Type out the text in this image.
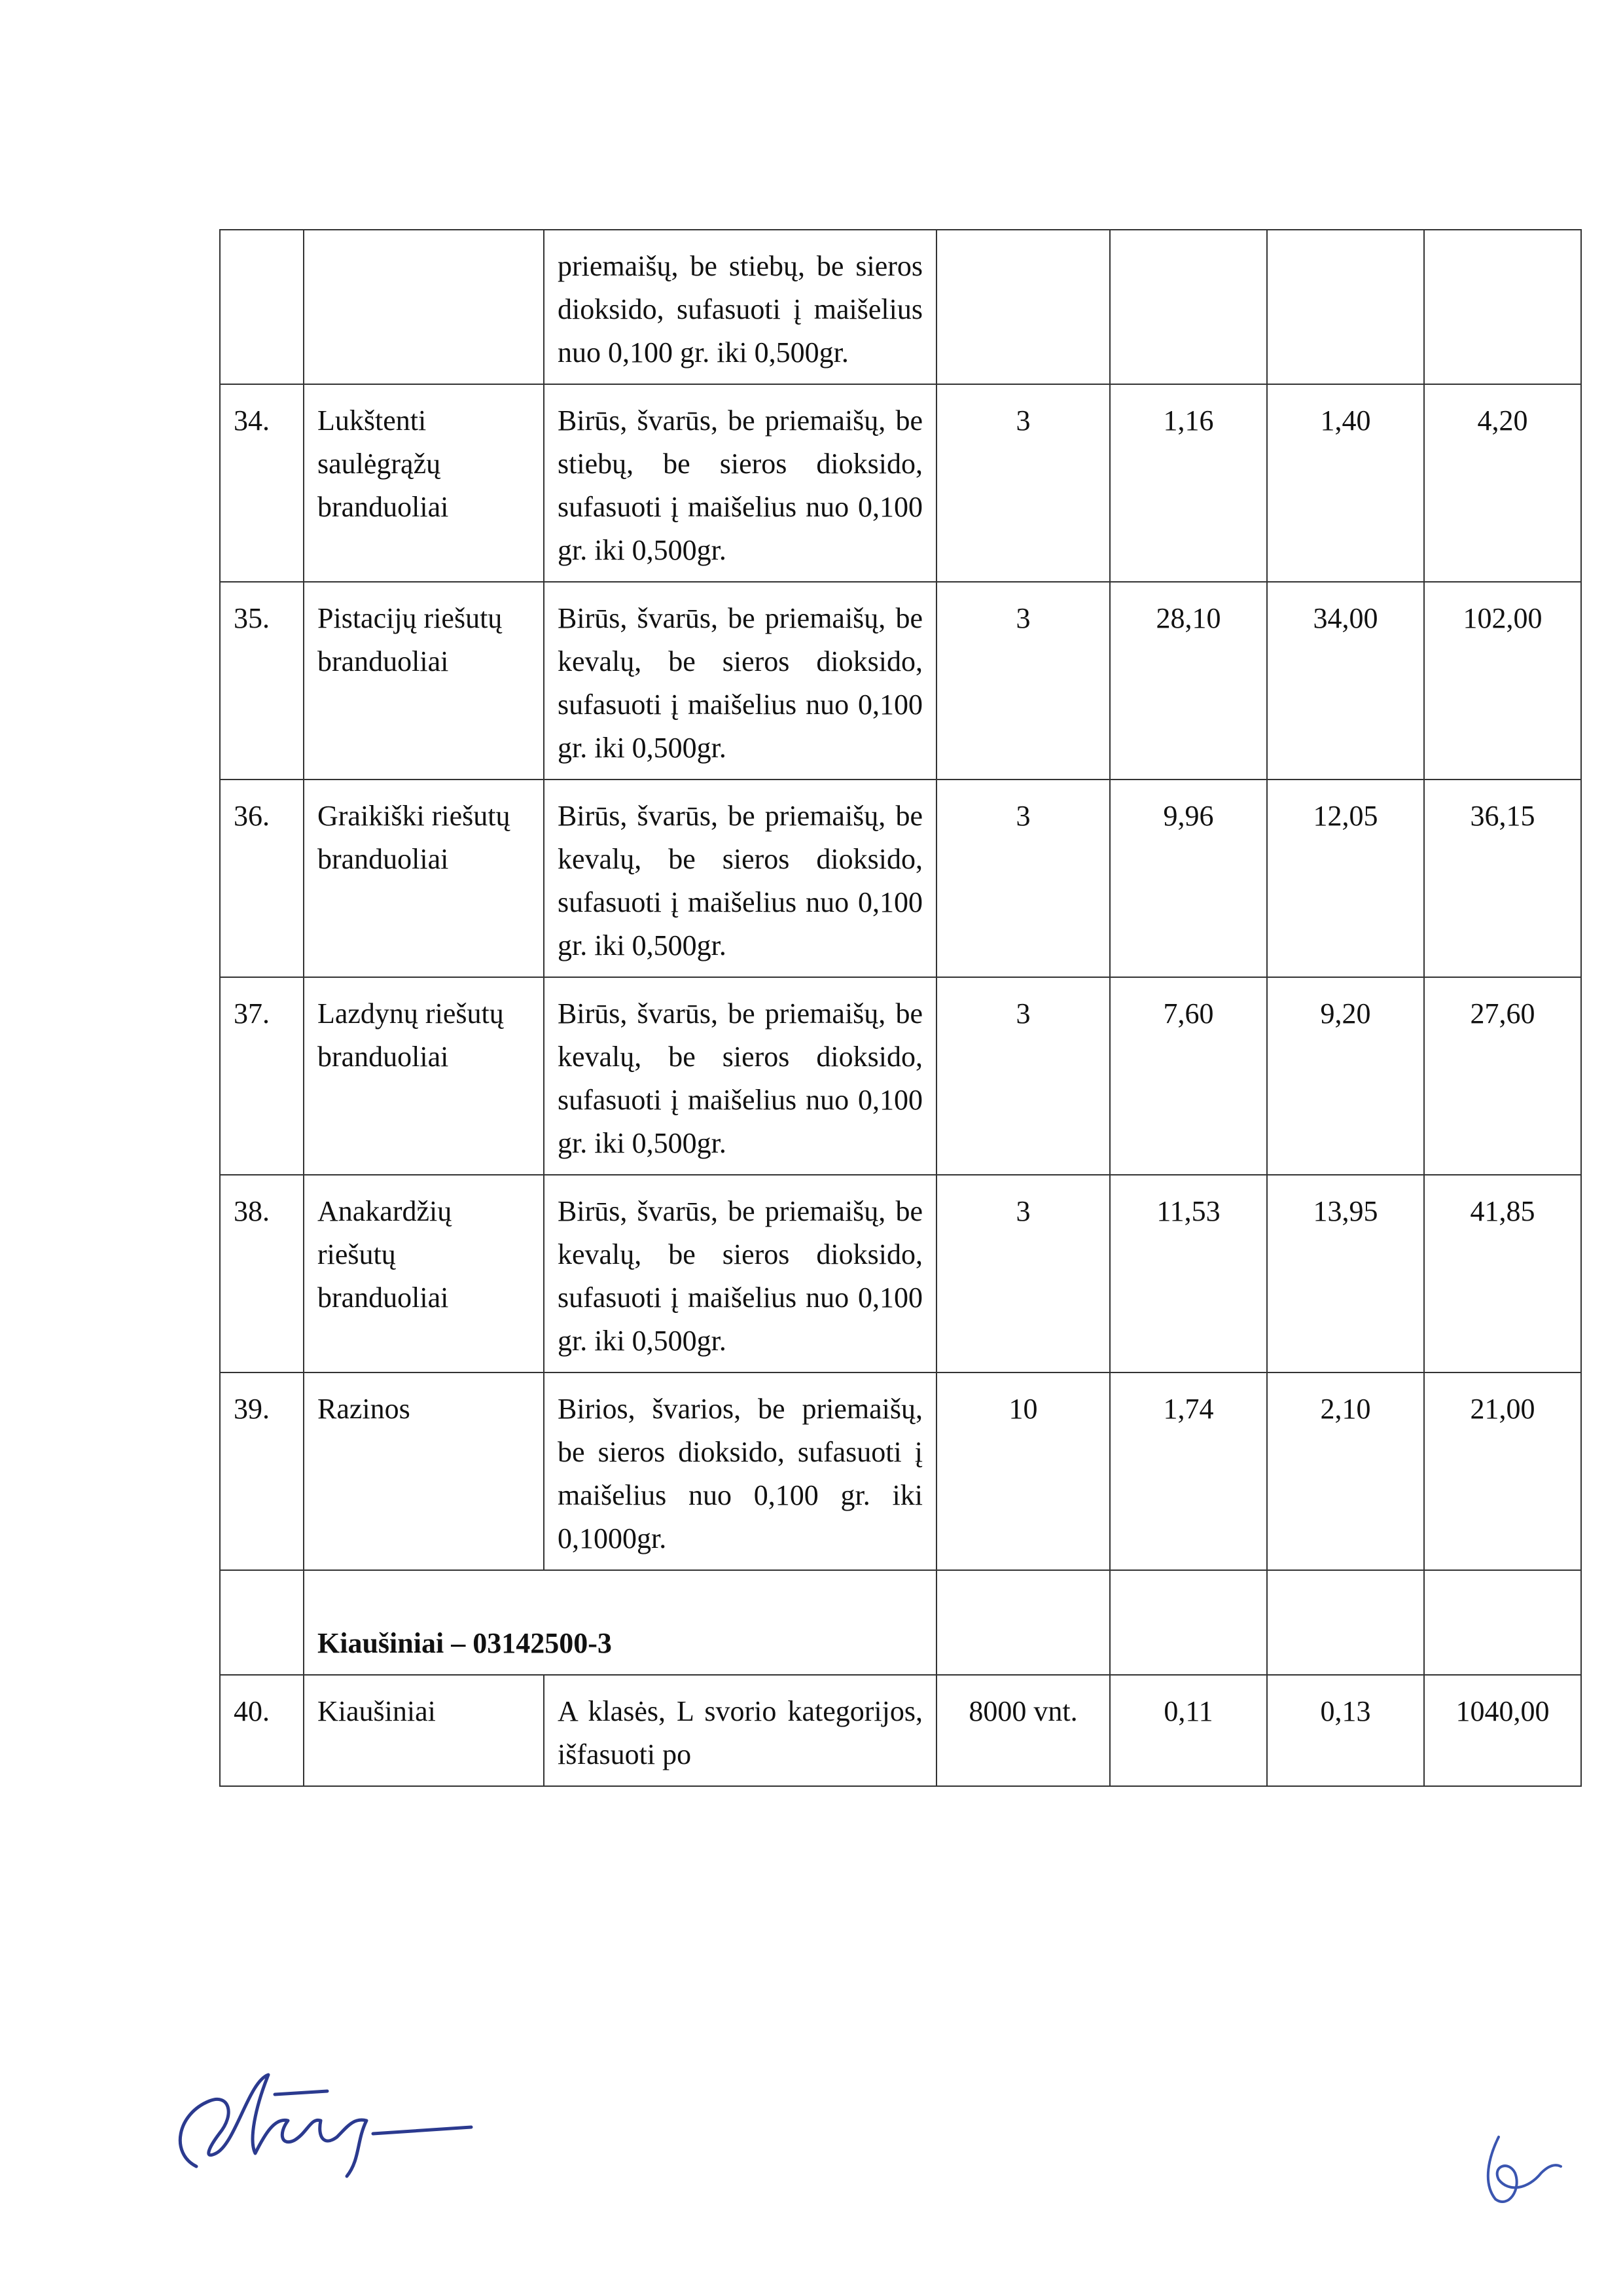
		priemaišų, be stiebų, be sieros dioksido, sufasuoti į maišelius nuo 0,100 gr. iki 0,500gr.				
34.	Lukštenti saulėgrąžų branduoliai	Birūs, švarūs, be priemaišų, be stiebų, be sieros dioksido, sufasuoti į maišelius nuo 0,100 gr. iki 0,500gr.	3	1,16	1,40	4,20
35.	Pistacijų riešutų branduoliai	Birūs, švarūs, be priemaišų, be kevalų, be sieros dioksido, sufasuoti į maišelius nuo 0,100 gr. iki 0,500gr.	3	28,10	34,00	102,00
36.	Graikiški riešutų branduoliai	Birūs, švarūs, be priemaišų, be kevalų, be sieros dioksido, sufasuoti į maišelius nuo 0,100 gr. iki 0,500gr.	3	9,96	12,05	36,15
37.	Lazdynų riešutų branduoliai	Birūs, švarūs, be priemaišų, be kevalų, be sieros dioksido, sufasuoti į maišelius nuo 0,100 gr. iki 0,500gr.	3	7,60	9,20	27,60
38.	Anakardžių riešutų branduoliai	Birūs, švarūs, be priemaišų, be kevalų, be sieros dioksido, sufasuoti į maišelius nuo 0,100 gr. iki 0,500gr.	3	11,53	13,95	41,85
39.	Razinos	Birios, švarios, be priemaišų, be sieros dioksido, sufasuoti į maišelius nuo 0,100 gr. iki 0,1000gr.	10	1,74	2,10	21,00
	Kiaušiniai – 03142500-3					
40.	Kiaušiniai	A klasės, L svorio kategorijos, išfasuoti po	8000 vnt.	0,11	0,13	1040,00
